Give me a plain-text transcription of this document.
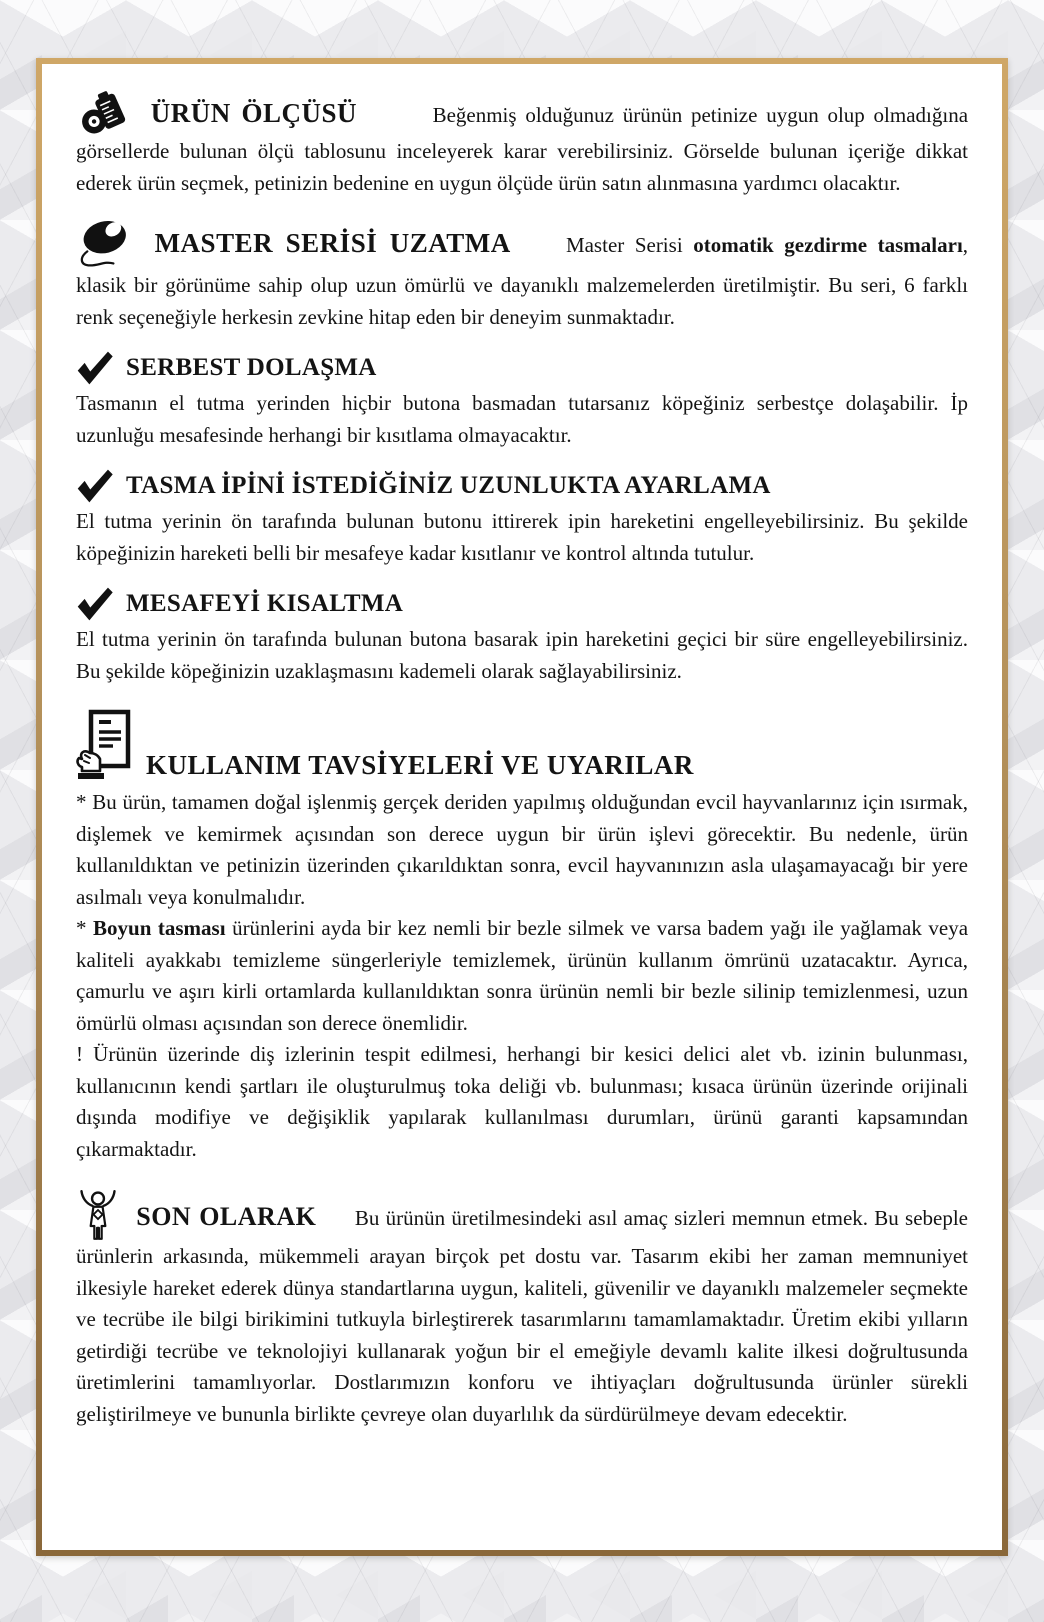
ÜRÜN ÖLÇÜSÜ	Beğenmiş olduğunuz ürünün petinize uygun olup olmadığına görsellerde bulunan ölçü tablosunu inceleyerek karar verebilirsiniz. Görselde bulunan içeriğe dikkat ederek ürün seçmek, petinizin bedenine en uygun ölçüde ürün satın alınmasına yardımcı olacaktır.

MASTER SERİSİ UZATMA	Master Serisi otomatik gezdirme tasmaları, klasik bir görünüme sahip olup uzun ömürlü ve dayanıklı malzemelerden üretilmiştir. Bu seri, 6 farklı renk seçeneğiyle herkesin zevkine hitap eden bir deneyim sunmaktadır.

SERBEST DOLAŞMA

Tasmanın el tutma yerinden hiçbir butona basmadan tutarsanız köpeğiniz serbestçe dolaşabilir. İp uzunluğu mesafesinde herhangi bir kısıtlama olmayacaktır.

TASMA İPİNİ İSTEDİĞİNİZ UZUNLUKTA AYARLAMA

El tutma yerinin ön tarafında bulunan butonu ittirerek ipin hareketini engelleyebilirsiniz. Bu şekilde köpeğinizin hareketi belli bir mesafeye kadar kısıtlanır ve kontrol altında tutulur.

MESAFEYİ KISALTMA

El tutma yerinin ön tarafında bulunan butona basarak ipin hareketini geçici bir süre engelleyebilirsiniz. Bu şekilde köpeğinizin uzaklaşmasını kademeli olarak sağlayabilirsiniz.

KULLANIM TAVSİYELERİ VE UYARILAR

* Bu ürün, tamamen doğal işlenmiş gerçek deriden yapılmış olduğundan evcil hayvanlarınız için ısırmak, dişlemek ve kemirmek açısından son derece uygun bir ürün işlevi görecektir. Bu nedenle, ürün kullanıldıktan ve petinizin üzerinden çıkarıldıktan sonra, evcil hayvanınızın asla ulaşamayacağı bir yere asılmalı veya konulmalıdır.

* Boyun tasması ürünlerini ayda bir kez nemli bir bezle silmek ve varsa badem yağı ile yağlamak veya kaliteli ayakkabı temizleme süngerleriyle temizlemek, ürünün kullanım ömrünü uzatacaktır. Ayrıca, çamurlu ve aşırı kirli ortamlarda kullanıldıktan sonra ürünün nemli bir bezle silinip temizlenmesi, uzun ömürlü olması açısından son derece önemlidir.

! Ürünün üzerinde diş izlerinin tespit edilmesi, herhangi bir kesici delici alet vb. izinin bulunması, kullanıcının kendi şartları ile oluşturulmuş toka deliği vb. bulunması; kısaca ürünün üzerinde orijinali dışında modifiye ve değişiklik yapılarak kullanılması durumları, ürünü garanti kapsamından çıkarmaktadır.

SON OLARAK Bu ürünün üretilmesindeki asıl amaç sizleri memnun etmek. Bu sebeple ürünlerin arkasında, mükemmeli arayan birçok pet dostu var. Tasarım ekibi her zaman memnuniyet ilkesiyle hareket ederek dünya standartlarına uygun, kaliteli, güvenilir ve dayanıklı malzemeler seçmekte ve tecrübe ile bilgi birikimini tutkuyla birleştirerek tasarımlarını tamamlamaktadır. Üretim ekibi yılların getirdiği tecrübe ve teknolojiyi kullanarak yoğun bir el emeğiyle devamlı kalite ilkesi doğrultusunda üretimlerini tamamlıyorlar. Dostlarımızın konforu ve ihtiyaçları doğrultusunda ürünler sürekli geliştirilmeye ve bununla birlikte çevreye olan duyarlılık da sürdürülmeye devam edecektir.
